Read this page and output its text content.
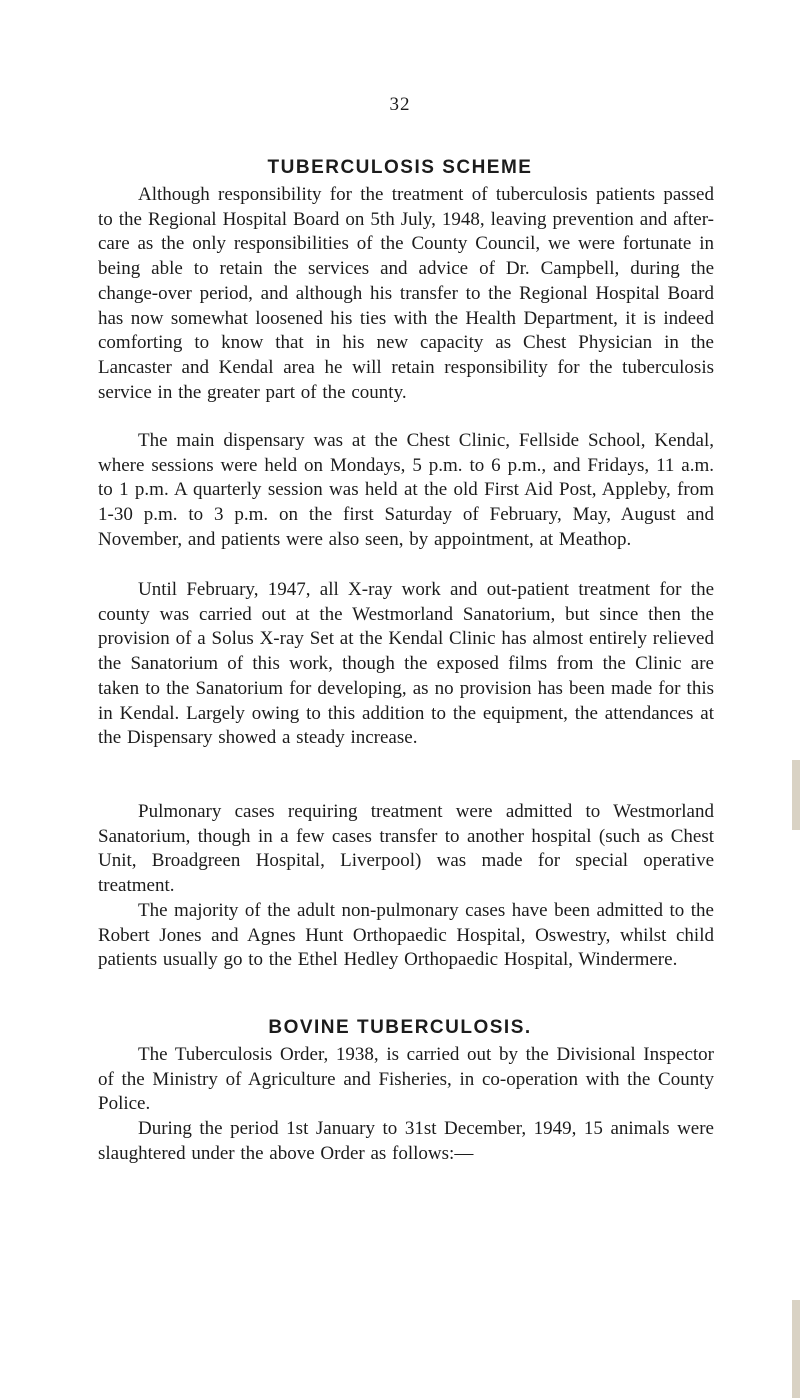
32
TUBERCULOSIS SCHEME

Although responsibility for the treatment of tuberculosis patients passed to the Regional Hospital Board on 5th July, 1948, leaving prevention and after-care as the only responsibilities of the County Council, we were fortunate in being able to retain the services and advice of Dr. Campbell, during the change-over period, and although his transfer to the Regional Hospital Board has now somewhat loosened his ties with the Health Department, it is indeed comforting to know that in his new capacity as Chest Physician in the Lancaster and Kendal area he will retain responsibility for the tuberculosis service in the greater part of the county.

The main dispensary was at the Chest Clinic, Fellside School, Kendal, where sessions were held on Mondays, 5 p.m. to 6 p.m., and Fridays, 11 a.m. to 1 p.m. A quarterly session was held at the old First Aid Post, Appleby, from 1-30 p.m. to 3 p.m. on the first Saturday of February, May, August and November, and patients were also seen, by appointment, at Meathop.

Until February, 1947, all X-ray work and out-patient treatment for the county was carried out at the Westmorland Sanatorium, but since then the provision of a Solus X-ray Set at the Kendal Clinic has almost entirely relieved the Sanatorium of this work, though the exposed films from the Clinic are taken to the Sanatorium for developing, as no provision has been made for this in Kendal. Largely owing to this addition to the equipment, the attendances at the Dispensary showed a steady increase.

Pulmonary cases requiring treatment were admitted to Westmorland Sanatorium, though in a few cases transfer to another hospital (such as Chest Unit, Broadgreen Hospital, Liverpool) was made for special operative treatment.

The majority of the adult non-pulmonary cases have been admitted to the Robert Jones and Agnes Hunt Orthopaedic Hospital, Oswestry, whilst child patients usually go to the Ethel Hedley Orthopaedic Hospital, Windermere.

BOVINE TUBERCULOSIS.

The Tuberculosis Order, 1938, is carried out by the Divisional Inspector of the Ministry of Agriculture and Fisheries, in co-operation with the County Police.

During the period 1st January to 31st December, 1949, 15 animals were slaughtered under the above Order as follows:—
